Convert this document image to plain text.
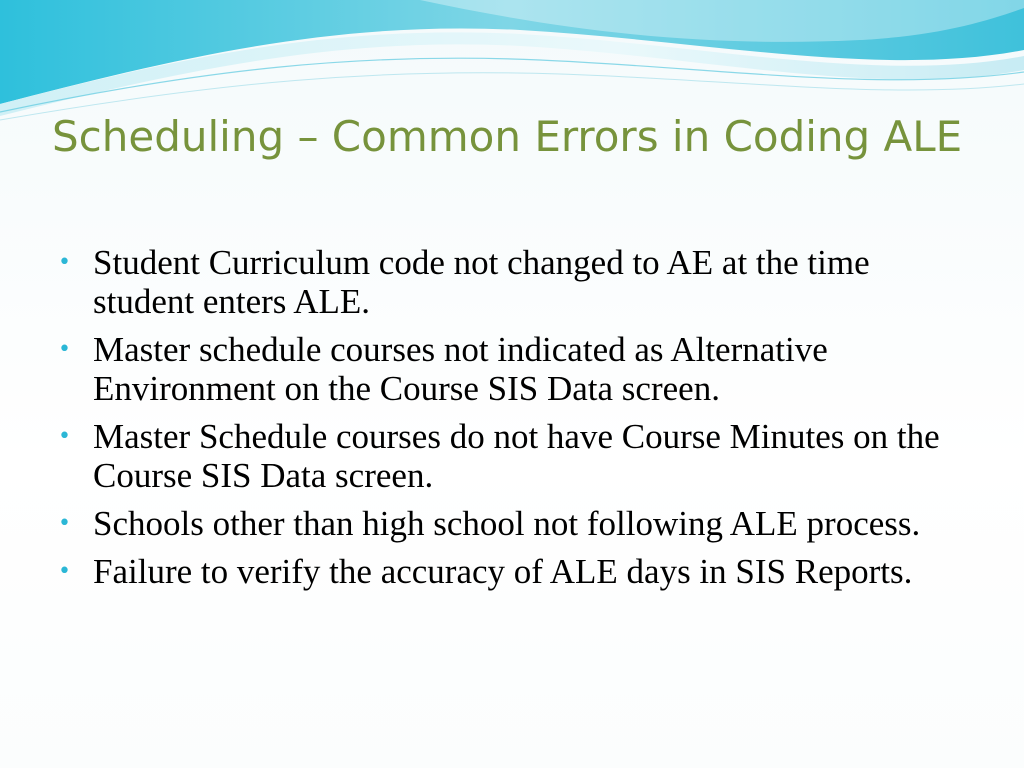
Scheduling – Common Errors in Coding ALE
• Student Curriculum code not changed to AE at the time student enters ALE.
• Master schedule courses not indicated as Alternative Environment on the Course SIS Data screen.
• Master Schedule courses do not have Course Minutes on the Course SIS Data screen.
• Schools other than high school not following ALE process.
• Failure to verify the accuracy of ALE days in SIS Reports.
